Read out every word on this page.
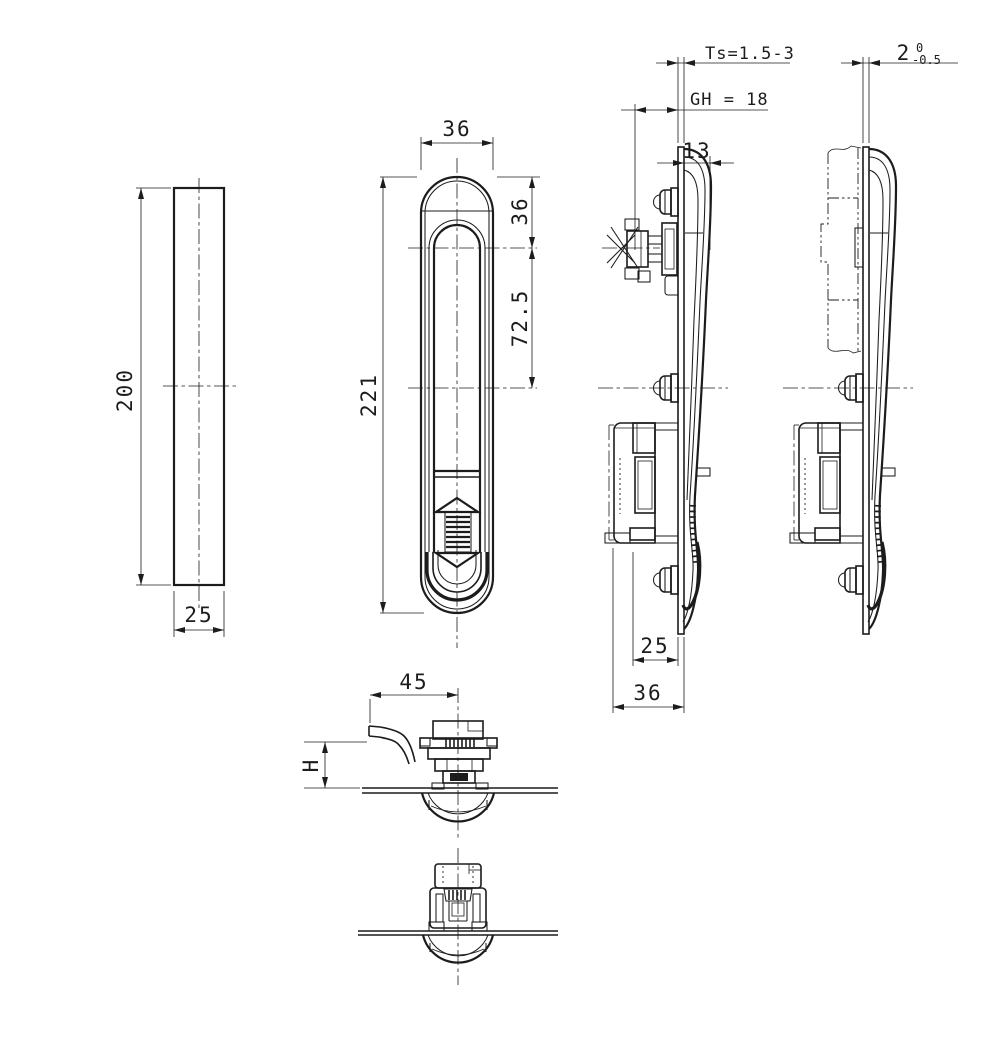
200
25
36
221
36
72.5
Ts=1.5-3
GH = 18
13
25
36
2 0
-0.5
45
H
